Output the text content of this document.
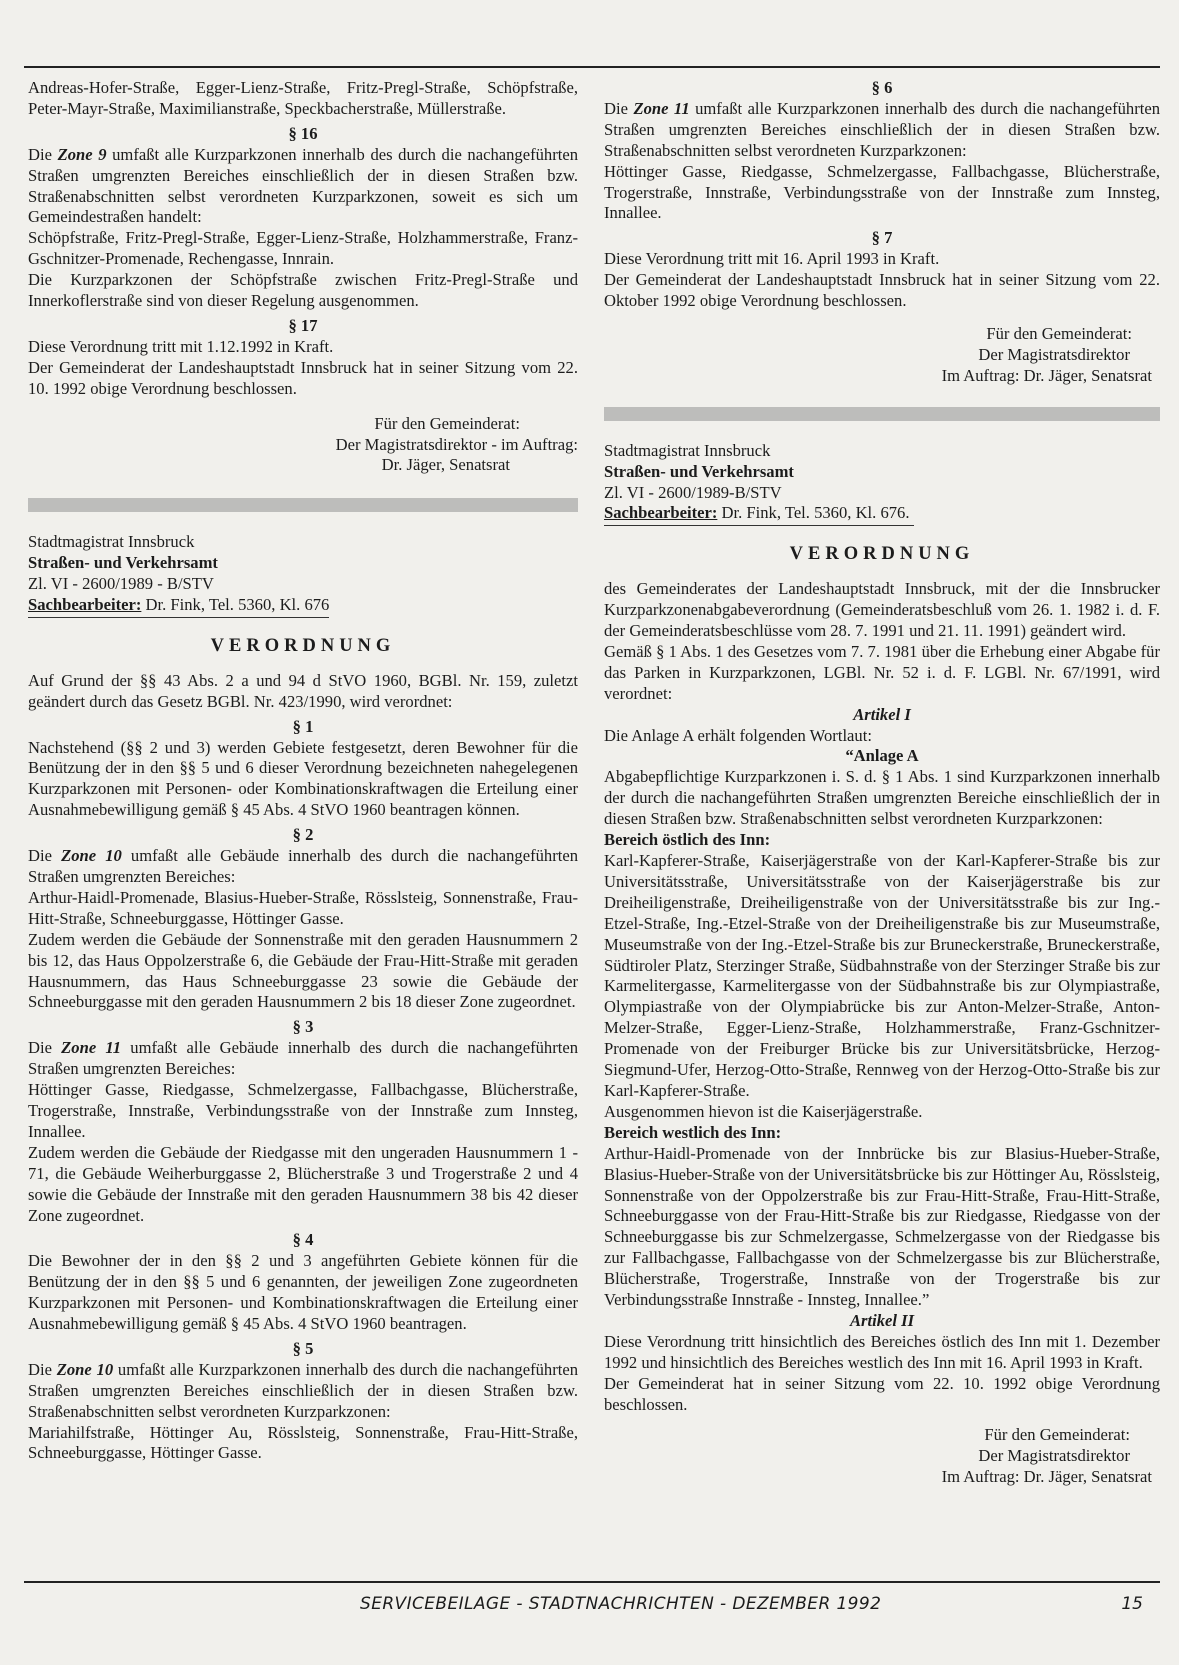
Andreas-Hofer-Straße, Egger-Lienz-Straße, Fritz-Pregl-Straße, Schöpfstraße, Peter-Mayr-Straße, Maximilianstraße, Speckbacherstraße, Müllerstraße.

§ 16

Die Zone 9 umfaßt alle Kurzparkzonen innerhalb des durch die nachangeführten Straßen umgrenzten Bereiches einschließlich der in diesen Straßen bzw. Straßenabschnitten selbst verordneten Kurzparkzonen, soweit es sich um Gemeindestraßen handelt:

Schöpfstraße, Fritz-Pregl-Straße, Egger-Lienz-Straße, Holzhammerstraße, Franz-Gschnitzer-Promenade, Rechengasse, Innrain.

Die Kurzparkzonen der Schöpfstraße zwischen Fritz-Pregl-Straße und Innerkoflerstraße sind von dieser Regelung ausgenommen.

§ 17

Diese Verordnung tritt mit 1.12.1992 in Kraft.

Der Gemeinderat der Landeshauptstadt Innsbruck hat in seiner Sitzung vom 22. 10. 1992 obige Verordnung beschlossen.

Für den Gemeinderat:

Der Magistratsdirektor - im Auftrag:

Dr. Jäger, Senatsrat

Stadtmagistrat Innsbruck

Straßen- und Verkehrsamt

Zl. VI - 2600/1989 - B/STV

Sachbearbeiter: Dr. Fink, Tel. 5360, Kl. 676

VERORDNUNG

Auf Grund der §§ 43 Abs. 2 a und 94 d StVO 1960, BGBl. Nr. 159, zuletzt geändert durch das Gesetz BGBl. Nr. 423/1990, wird verordnet:

§ 1

Nachstehend (§§ 2 und 3) werden Gebiete festgesetzt, deren Bewohner für die Benützung der in den §§ 5 und 6 dieser Verordnung bezeichneten nahegelegenen Kurzparkzonen mit Personen- oder Kombinationskraftwagen die Erteilung einer Ausnahmebewilligung gemäß § 45 Abs. 4 StVO 1960 beantragen können.

§ 2

Die Zone 10 umfaßt alle Gebäude innerhalb des durch die nachangeführten Straßen umgrenzten Bereiches:

Arthur-Haidl-Promenade, Blasius-Hueber-Straße, Rösslsteig, Sonnenstraße, Frau-Hitt-Straße, Schneeburggasse, Höttinger Gasse.

Zudem werden die Gebäude der Sonnenstraße mit den geraden Hausnummern 2 bis 12, das Haus Oppolzerstraße 6, die Gebäude der Frau-Hitt-Straße mit geraden Hausnummern, das Haus Schneeburggasse 23 sowie die Gebäude der Schneeburggasse mit den geraden Hausnummern 2 bis 18 dieser Zone zugeordnet.

§ 3

Die Zone 11 umfaßt alle Gebäude innerhalb des durch die nachangeführten Straßen umgrenzten Bereiches:

Höttinger Gasse, Riedgasse, Schmelzergasse, Fallbachgasse, Blücherstraße, Trogerstraße, Innstraße, Verbindungsstraße von der Innstraße zum Innsteg, Innallee.

Zudem werden die Gebäude der Riedgasse mit den ungeraden Hausnummern 1 - 71, die Gebäude Weiherburggasse 2, Blücherstraße 3 und Trogerstraße 2 und 4 sowie die Gebäude der Innstraße mit den geraden Hausnummern 38 bis 42 dieser Zone zugeordnet.

§ 4

Die Bewohner der in den §§ 2 und 3 angeführten Gebiete können für die Benützung der in den §§ 5 und 6 genannten, der jeweiligen Zone zugeordneten Kurzparkzonen mit Personen- und Kombinationskraftwagen die Erteilung einer Ausnahmebewilligung gemäß § 45 Abs. 4 StVO 1960 beantragen.

§ 5

Die Zone 10 umfaßt alle Kurzparkzonen innerhalb des durch die nachangeführten Straßen umgrenzten Bereiches einschließlich der in diesen Straßen bzw. Straßenabschnitten selbst verordneten Kurzparkzonen:

Mariahilfstraße, Höttinger Au, Rösslsteig, Sonnenstraße, Frau-Hitt-Straße, Schneeburggasse, Höttinger Gasse.

§ 6

Die Zone 11 umfaßt alle Kurzparkzonen innerhalb des durch die nachangeführten Straßen umgrenzten Bereiches einschließlich der in diesen Straßen bzw. Straßenabschnitten selbst verordneten Kurzparkzonen:

Höttinger Gasse, Riedgasse, Schmelzergasse, Fallbachgasse, Blücherstraße, Trogerstraße, Innstraße, Verbindungsstraße von der Innstraße zum Innsteg, Innallee.

§ 7

Diese Verordnung tritt mit 16. April 1993 in Kraft.

Der Gemeinderat der Landeshauptstadt Innsbruck hat in seiner Sitzung vom 22. Oktober 1992 obige Verordnung beschlossen.

Für den Gemeinderat:

Der Magistratsdirektor

Im Auftrag: Dr. Jäger, Senatsrat

Stadtmagistrat Innsbruck

Straßen- und Verkehrsamt

Zl. VI - 2600/1989-B/STV

Sachbearbeiter: Dr. Fink, Tel. 5360, Kl. 676.

VERORDNUNG

des Gemeinderates der Landeshauptstadt Innsbruck, mit der die Innsbrucker Kurzparkzonenabgabeverordnung (Gemeinderatsbeschluß vom 26. 1. 1982 i. d. F. der Gemeinderatsbeschlüsse vom 28. 7. 1991 und 21. 11. 1991) geändert wird.

Gemäß § 1 Abs. 1 des Gesetzes vom 7. 7. 1981 über die Erhebung einer Abgabe für das Parken in Kurzparkzonen, LGBl. Nr. 52 i. d. F. LGBl. Nr. 67/1991, wird verordnet:

Artikel I

Die Anlage A erhält folgenden Wortlaut:

“Anlage A

Abgabepflichtige Kurzparkzonen i. S. d. § 1 Abs. 1 sind Kurzparkzonen innerhalb der durch die nachangeführten Straßen umgrenzten Bereiche einschließlich der in diesen Straßen bzw. Straßenabschnitten selbst verordneten Kurzparkzonen:

Bereich östlich des Inn:

Karl-Kapferer-Straße, Kaiserjägerstraße von der Karl-Kapferer-Straße bis zur Universitätsstraße, Universitätsstraße von der Kaiserjägerstraße bis zur Dreiheiligenstraße, Dreiheiligenstraße von der Universitätsstraße bis zur Ing.-Etzel-Straße, Ing.-Etzel-Straße von der Dreiheiligenstraße bis zur Museumstraße, Museumstraße von der Ing.-Etzel-Straße bis zur Bruneckerstraße, Bruneckerstraße, Südtiroler Platz, Sterzinger Straße, Südbahnstraße von der Sterzinger Straße bis zur Karmelitergasse, Karmelitergasse von der Südbahnstraße bis zur Olympiastraße, Olympiastraße von der Olympiabrücke bis zur Anton-Melzer-Straße, Anton-Melzer-Straße, Egger-Lienz-Straße, Holzhammerstraße, Franz-Gschnitzer-Promenade von der Freiburger Brücke bis zur Universitätsbrücke, Herzog-Siegmund-Ufer, Herzog-Otto-Straße, Rennweg von der Herzog-Otto-Straße bis zur Karl-Kapferer-Straße.

Ausgenommen hievon ist die Kaiserjägerstraße.

Bereich westlich des Inn:

Arthur-Haidl-Promenade von der Innbrücke bis zur Blasius-Hueber-Straße, Blasius-Hueber-Straße von der Universitätsbrücke bis zur Höttinger Au, Rösslsteig, Sonnenstraße von der Oppolzerstraße bis zur Frau-Hitt-Straße, Frau-Hitt-Straße, Schneeburggasse von der Frau-Hitt-Straße bis zur Riedgasse, Riedgasse von der Schneeburggasse bis zur Schmelzergasse, Schmelzergasse von der Riedgasse bis zur Fallbachgasse, Fallbachgasse von der Schmelzergasse bis zur Blücherstraße, Blücherstraße, Trogerstraße, Innstraße von der Trogerstraße bis zur Verbindungsstraße Innstraße - Innsteg, Innallee.”

Artikel II

Diese Verordnung tritt hinsichtlich des Bereiches östlich des Inn mit 1. Dezember 1992 und hinsichtlich des Bereiches westlich des Inn mit 16. April 1993 in Kraft.

Der Gemeinderat hat in seiner Sitzung vom 22. 10. 1992 obige Verordnung beschlossen.

Für den Gemeinderat:

Der Magistratsdirektor

Im Auftrag: Dr. Jäger, Senatsrat

SERVICEBEILAGE - STADTNACHRICHTEN - DEZEMBER 1992	15
